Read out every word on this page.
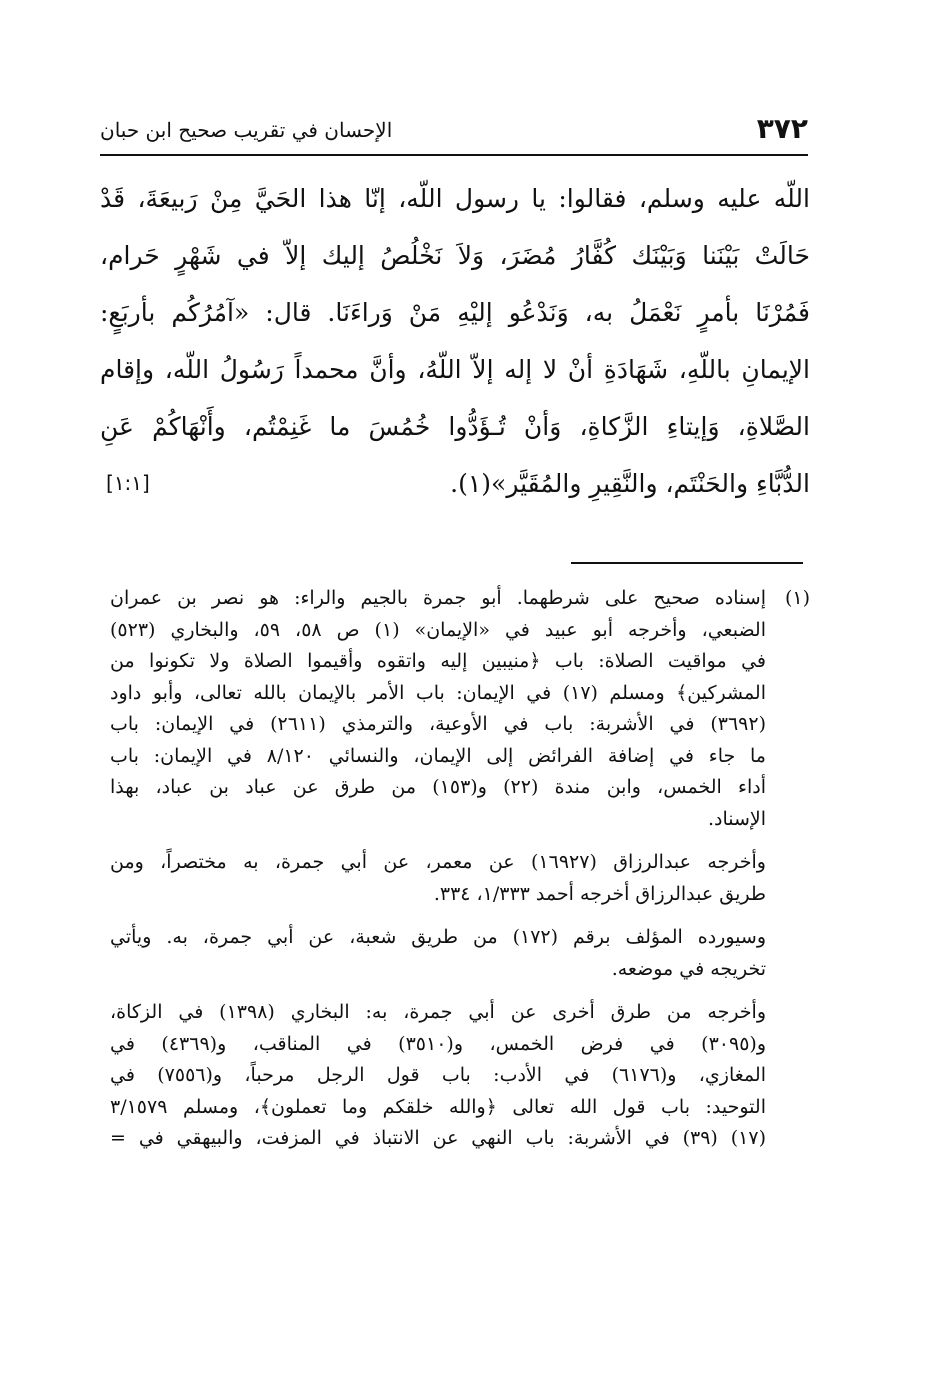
٣٧٢
الإحسان في تقريب صحيح ابن حبان
اللّه عليه وسلم، فقالوا: يا رسول اللّه، إنّا هذا الحَيَّ مِنْ رَبيعَةَ، قَدْ
حَالَتْ بَيْنَنا وَبَيْنَك كُفَّارُ مُضَرَ، وَلاَ نَخْلُصُ إليك إلاّ في شَهْرٍ حَرام،
فَمُرْنَا بأمرٍ نَعْمَلُ به، وَنَدْعُو إليْهِ مَنْ وَراءَنَا. قال: «آمُرُكُم بأربَعٍ:
الإيمانِ باللّهِ، شَهَادَةِ أنْ لا إله إلاّ اللّهُ، وأنَّ محمداً رَسُولُ اللّه، وإقام
الصَّلاةِ، وَإيتاءِ الزَّكاةِ، وَأنْ تُـؤَدُّوا خُمُسَ ما غَنِمْتُم، وأَنْهَاكُمْ عَنِ
الدُّبَّاءِ والحَنْتَم، والنَّقِيرِ والمُقَيَّر»(١).
[١:١]
(١)
إسناده صحيح على شرطهما. أبو جمرة بالجيم والراء: هو نصر بن عمران
الضبعي، وأخرجه أبو عبيد في «الإيمان» (١) ص ٥٨، ٥٩، والبخاري (٥٢٣)
في مواقيت الصلاة: باب ﴿منيبين إليه واتقوه وأقيموا الصلاة ولا تكونوا من
المشركين﴾ ومسلم (١٧) في الإيمان: باب الأمر بالإيمان بالله تعالى، وأبو داود
(٣٦٩٢) في الأشربة: باب في الأوعية، والترمذي (٢٦١١) في الإيمان: باب
ما جاء في إضافة الفرائض إلى الإيمان، والنسائي ٨/١٢٠ في الإيمان: باب
أداء الخمس، وابن مندة (٢٢) و(١٥٣) من طرق عن عباد بن عباد، بهذا
الإسناد.
وأخرجه عبدالرزاق (١٦٩٢٧) عن معمر، عن أبي جمرة، به مختصراً، ومن
طريق عبدالرزاق أخرجه أحمد ١/٣٣٣، ٣٣٤.
وسيورده المؤلف برقم (١٧٢) من طريق شعبة، عن أبي جمرة، به. ويأتي
تخريجه في موضعه.
وأخرجه من طرق أخرى عن أبي جمرة، به: البخاري (١٣٩٨) في الزكاة،
و(٣٠٩٥) في فرض الخمس، و(٣٥١٠) في المناقب، و(٤٣٦٩) في
المغازي، و(٦١٧٦) في الأدب: باب قول الرجل مرحباً، و(٧٥٥٦) في
التوحيد: باب قول الله تعالى ﴿والله خلقكم وما تعملون﴾، ومسلم ٣/١٥٧٩
(١٧) (٣٩) في الأشربة: باب النهي عن الانتباذ في المزفت، والبيهقي في =
